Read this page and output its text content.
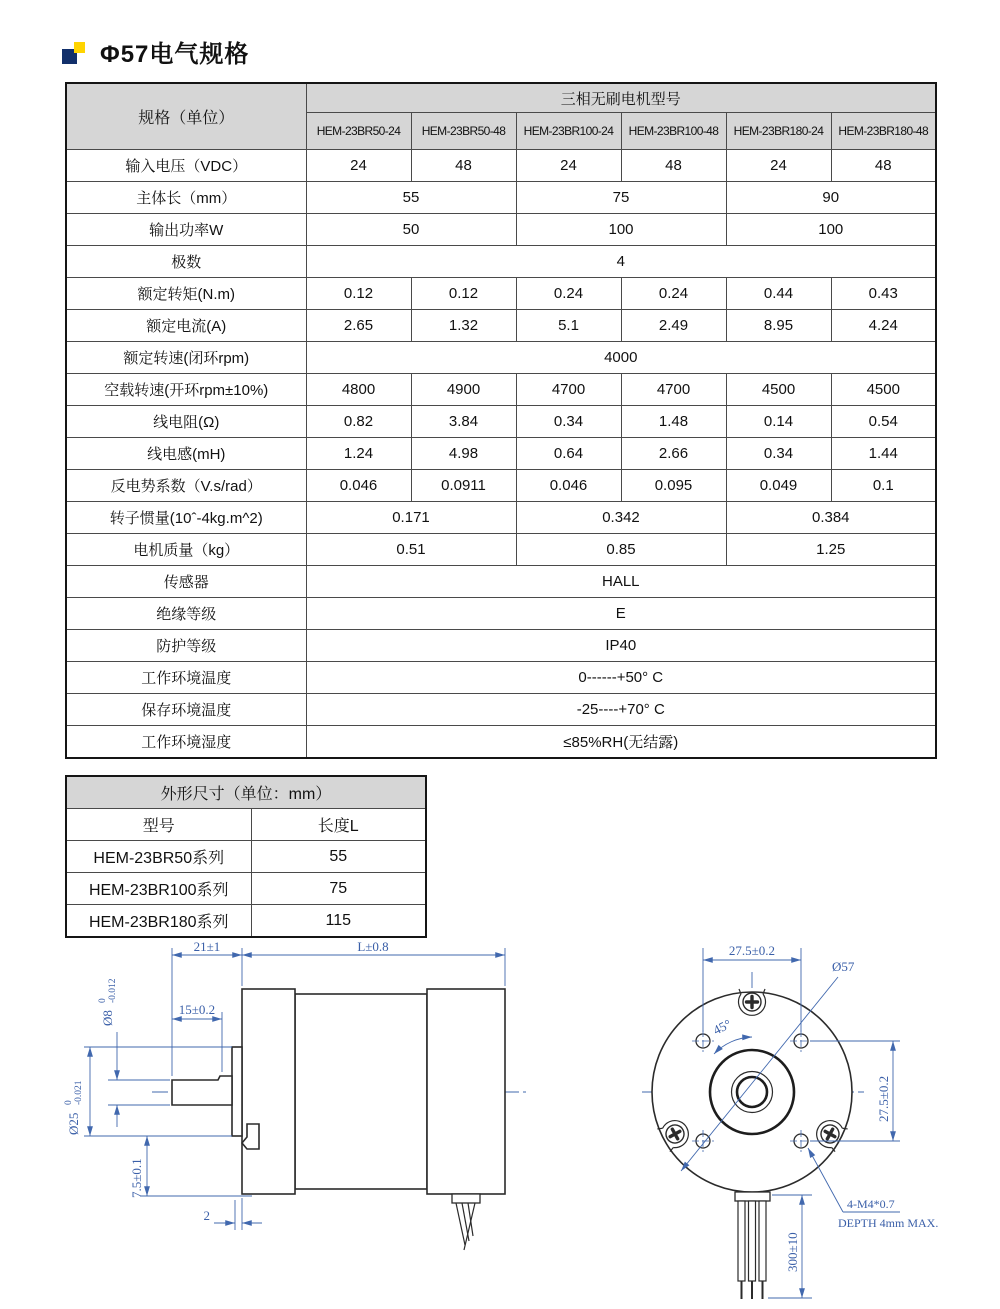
Φ57电气规格
规格（单位）	三相无刷电机型号					
	HEM-23BR50-24	HEM-23BR50-48	HEM-23BR100-24	HEM-23BR100-48	HEM-23BR180-24	HEM-23BR180-48
输入电压（VDC）	24	48	24	48	24	48
主体长（mm）	55		75		90	
输出功率W	50		100		100	
极数	4					
额定转矩(N.m)	0.12	0.12	0.24	0.24	0.44	0.43
额定电流(A)	2.65	1.32	5.1	2.49	8.95	4.24
额定转速(闭环rpm)	4000					
空载转速(开环rpm±10%)	4800	4900	4700	4700	4500	4500
线电阻(Ω)	0.82	3.84	0.34	1.48	0.14	0.54
线电感(mH)	1.24	4.98	0.64	2.66	0.34	1.44
反电势系数（V.s/rad）	0.046	0.0911	0.046	0.095	0.049	0.1
转子惯量(10ˆ-4kg.m^2)	0.171		0.342		0.384	
电机质量（kg）	0.51		0.85		1.25	
传感器	HALL					
绝缘等级	E					
防护等级	IP40					
工作环境温度	0------+50° C					
保存环境温度	-25----+70° C					
工作环境湿度	≤85%RH(无结露)					
外形尺寸（单位：mm）	
型号	长度L
HEM-23BR50系列	55
HEM-23BR100系列	75
HEM-23BR180系列	115
21±1	L±0.8
15±0.2
Ø8
0 -0.012
Ø25
0 -0.021
7.5±0.1
2
27.5±0.2
Ø57
45°
27.5±0.2
4-M4*0.7
DEPTH 4mm MAX.
300±10
